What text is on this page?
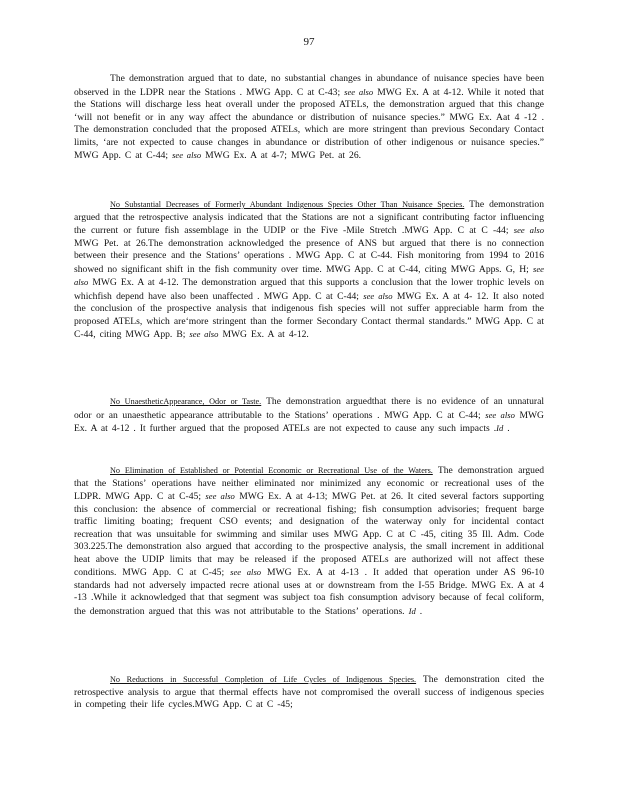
97

The demonstration argued that to date, no substantial changes in abundance of nuisance species have been observed in the LDPR near the Stations . MWG App. C at C-43; see also MWG Ex. A at 4-12. While it noted that the Stations will discharge less heat overall under the proposed ATELs, the demonstration argued that this change ‘will not benefit or in any way affect the abundance or distribution of nuisance species.” MWG Ex. Aat 4 -12 . The demonstration concluded that the proposed ATELs, which are more stringent than previous Secondary Contact limits, ‘are not expected to cause changes in abundance or distribution of other indigenous or nuisance species.” MWG App. C at C-44; see also MWG Ex. A at 4-7; MWG Pet. at 26.

No Substantial Decreases of Formerly Abundant Indigenous Species Other Than Nuisance Species. The demonstration argued that the retrospective analysis indicated that the Stations are not a significant contributing factor influencing the current or future fish assemblage in the UDIP or the Five -Mile Stretch .MWG App. C at C -44; see also MWG Pet. at 26.The demonstration acknowledged the presence of ANS but argued that there is no connection between their presence and the Stations’ operations . MWG App. C at C-44. Fish monitoring from 1994 to 2016 showed no significant shift in the fish community over time. MWG App. C at C-44, citing MWG Apps. G, H; see also MWG Ex. A at 4-12. The demonstration argued that this supports a conclusion that the lower trophic levels on whichfish depend have also been unaffected . MWG App. C at C-44; see also MWG Ex. A at 4- 12. It also noted the conclusion of the prospective analysis that indigenous fish species will not suffer appreciable harm from the proposed ATELs, which are‘more stringent than the former Secondary Contact thermal standards.” MWG App. C at C-44, citing MWG App. B; see also MWG Ex. A at 4-12.

No UnaestheticAppearance, Odor or Taste. The demonstration arguedthat there is no evidence of an unnatural odor or an unaesthetic appearance attributable to the Stations’ operations . MWG App. C at C-44; see also MWG Ex. A at 4-12 . It further argued that the proposed ATELs are not expected to cause any such impacts .Id .

No Elimination of Established or Potential Economic or Recreational Use of the Waters. The demonstration argued that the Stations’ operations have neither eliminated nor minimized any economic or recreational uses of the LDPR. MWG App. C at C-45; see also MWG Ex. A at 4-13; MWG Pet. at 26. It cited several factors supporting this conclusion: the absence of commercial or recreational fishing; fish consumption advisories; frequent barge traffic limiting boating; frequent CSO events; and designation of the waterway only for incidental contact recreation that was unsuitable for swimming and similar uses MWG App. C at C -45, citing 35 Ill. Adm. Code 303.225.The demonstration also argued that according to the prospective analysis, the small increment in additional heat above the UDIP limits that may be released if the proposed ATELs are authorized will not affect these conditions. MWG App. C at C-45; see also MWG Ex. A at 4-13 . It added that operation under AS 96-10 standards had not adversely impacted recre ational uses at or downstream from the I-55 Bridge. MWG Ex. A at 4 -13 .While it acknowledged that that segment was subject toa fish consumption advisory because of fecal coliform, the demonstration argued that this was not attributable to the Stations’ operations. Id .

No Reductions in Successful Completion of Life Cycles of Indigenous Species. The demonstration cited the retrospective analysis to argue that thermal effects have not compromised the overall success of indigenous species in competing their life cycles.MWG App. C at C -45;
